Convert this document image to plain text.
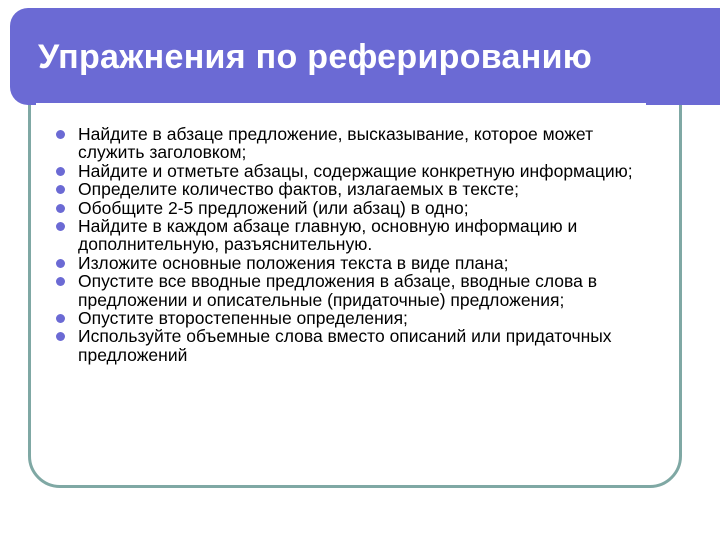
Упражнения по реферированию
Найдите в абзаце предложение, высказывание, которое может служить заголовком;
Найдите и отметьте абзацы, содержащие конкретную информацию;
Определите количество фактов, излагаемых в тексте;
Обобщите 2-5 предложений (или абзац) в одно;
Найдите в каждом абзаце главную, основную информацию и дополнительную, разъяснительную.
Изложите основные положения текста в виде плана;
Опустите все вводные предложения в абзаце, вводные слова в предложении и описательные (придаточные) предложения;
Опустите второстепенные определения;
Используйте объемные слова вместо описаний или придаточных предложений
